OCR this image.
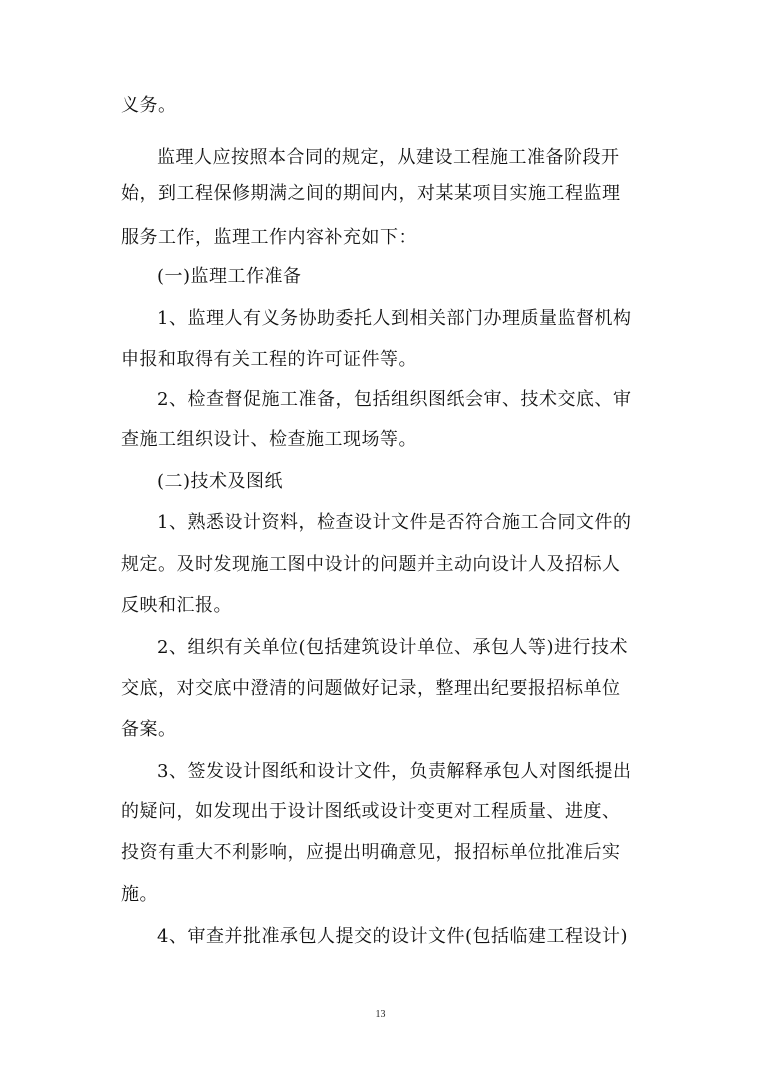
义务。
监理人应按照本合同的规定，从建设工程施工准备阶段开
始，到工程保修期满之间的期间内，对某某项目实施工程监理
服务工作，监理工作内容补充如下：
(一)监理工作准备
1、监理人有义务协助委托人到相关部门办理质量监督机构
申报和取得有关工程的许可证件等。
2、检查督促施工准备，包括组织图纸会审、技术交底、审
查施工组织设计、检查施工现场等。
(二)技术及图纸
1、熟悉设计资料，检查设计文件是否符合施工合同文件的
规定。及时发现施工图中设计的问题并主动向设计人及招标人
反映和汇报。
2、组织有关单位(包括建筑设计单位、承包人等)进行技术
交底，对交底中澄清的问题做好记录，整理出纪要报招标单位
备案。
3、签发设计图纸和设计文件，负责解释承包人对图纸提出
的疑问，如发现出于设计图纸或设计变更对工程质量、进度、
投资有重大不利影响，应提出明确意见，报招标单位批准后实
施。
4、审查并批准承包人提交的设计文件(包括临建工程设计)
13
